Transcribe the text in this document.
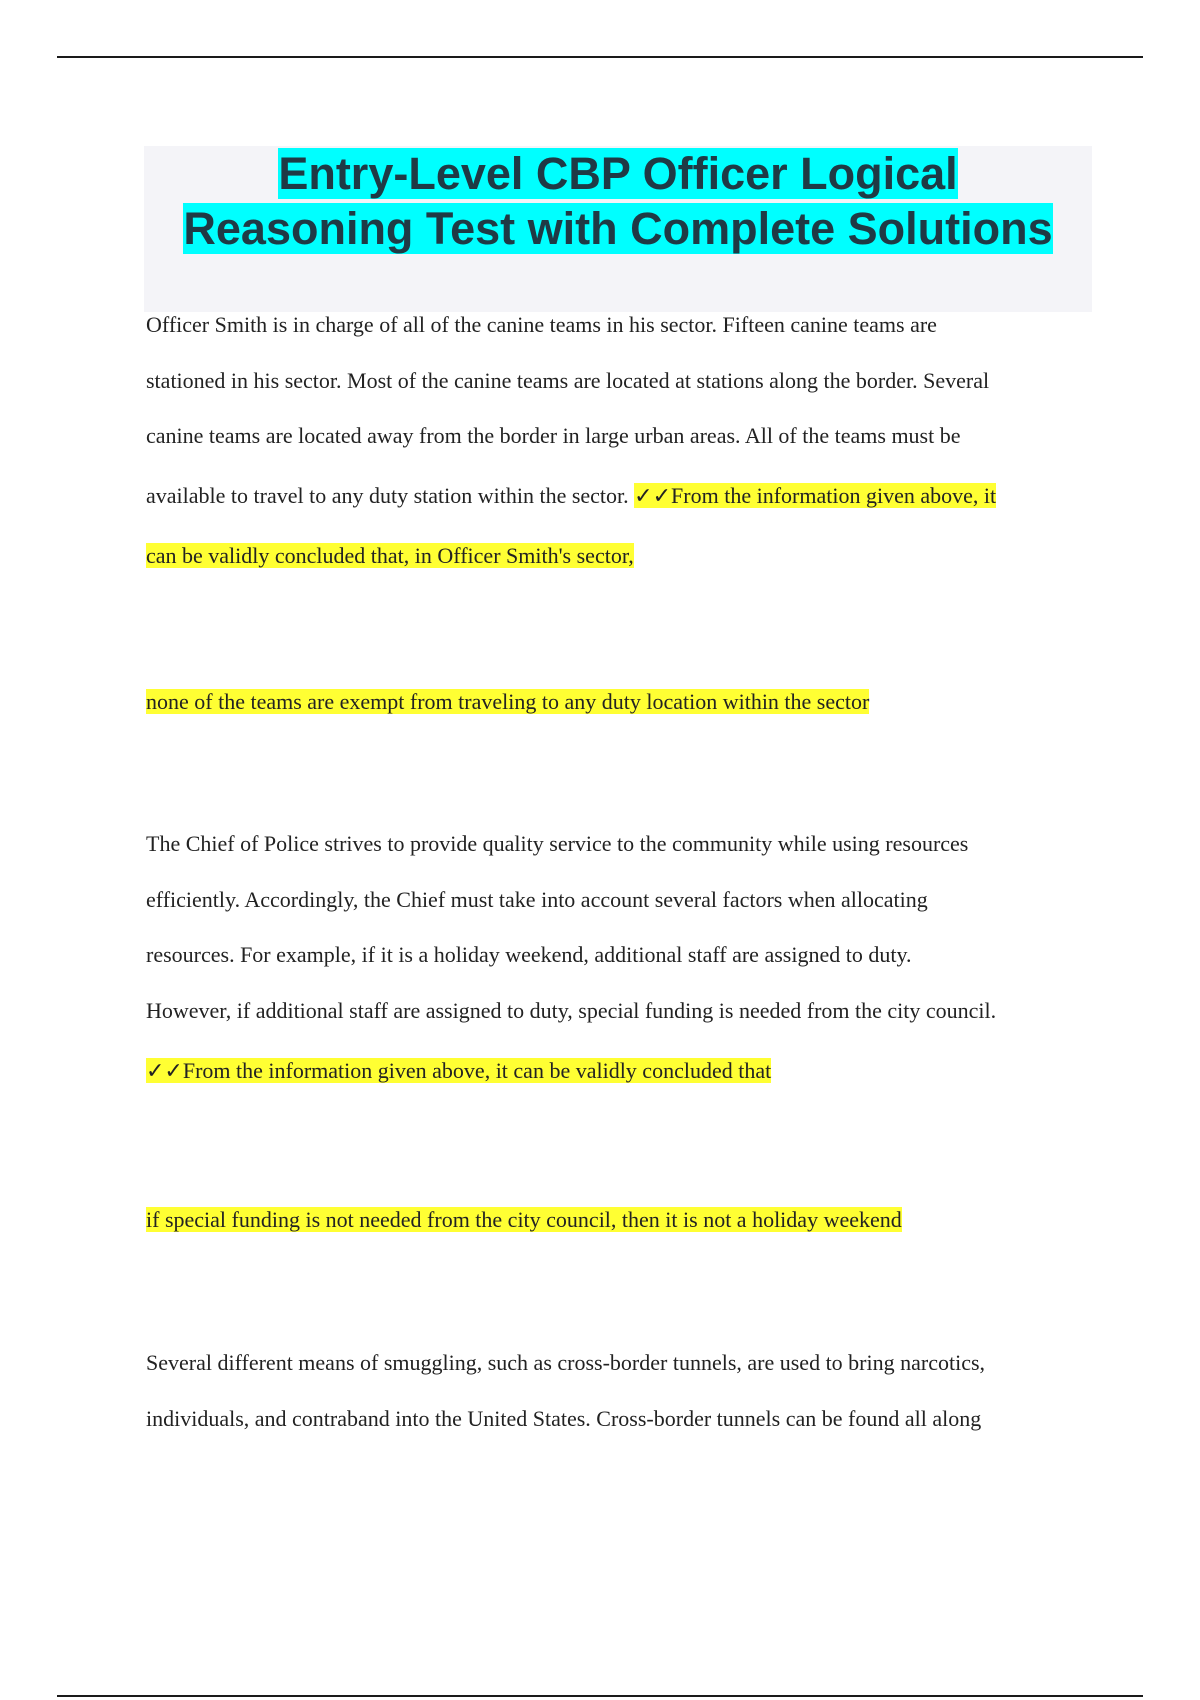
Entry-Level CBP Officer Logical
Reasoning Test with Complete Solutions
Officer Smith is in charge of all of the canine teams in his sector. Fifteen canine teams are
stationed in his sector. Most of the canine teams are located at stations along the border. Several
canine teams are located away from the border in large urban areas. All of the teams must be
available to travel to any duty station within the sector. ✓✓From the information given above, it
can be validly concluded that, in Officer Smith's sector,
none of the teams are exempt from traveling to any duty location within the sector
The Chief of Police strives to provide quality service to the community while using resources
efficiently. Accordingly, the Chief must take into account several factors when allocating
resources. For example, if it is a holiday weekend, additional staff are assigned to duty.
However, if additional staff are assigned to duty, special funding is needed from the city council.
✓✓From the information given above, it can be validly concluded that
if special funding is not needed from the city council, then it is not a holiday weekend
Several different means of smuggling, such as cross-border tunnels, are used to bring narcotics,
individuals, and contraband into the United States. Cross-border tunnels can be found all along
